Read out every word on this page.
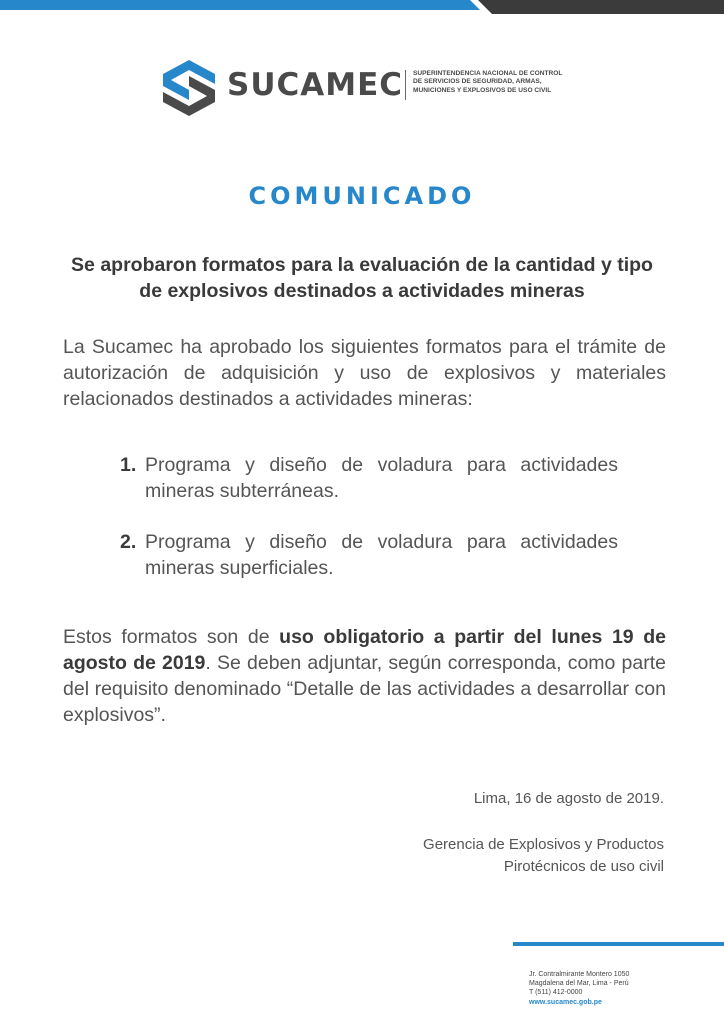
SUCAMEC SUPERINTENDENCIA NACIONAL DE CONTROL
DE SERVICIOS DE SEGURIDAD, ARMAS,
MUNICIONES Y EXPLOSIVOS DE USO CIVIL
COMUNICADO
Se aprobaron formatos para la evaluación de la cantidad y tipo de explosivos destinados a actividades mineras
La Sucamec ha aprobado los siguientes formatos para el trámite de autorización de adquisición y uso de explosivos y materiales relacionados destinados a actividades mineras:
1. Programa y diseño de voladura para actividades mineras subterráneas.
2. Programa y diseño de voladura para actividades mineras superficiales.
Estos formatos son de uso obligatorio a partir del lunes 19 de agosto de 2019. Se deben adjuntar, según corresponda, como parte del requisito denominado “Detalle de las actividades a desarrollar con explosivos”.
Lima, 16 de agosto de 2019.
Gerencia de Explosivos y Productos
Pirotécnicos de uso civil
Jr. Contralmirante Montero 1050
Magdalena del Mar, Lima - Perú
T (511) 412-0000
www.sucamec.gob.pe
